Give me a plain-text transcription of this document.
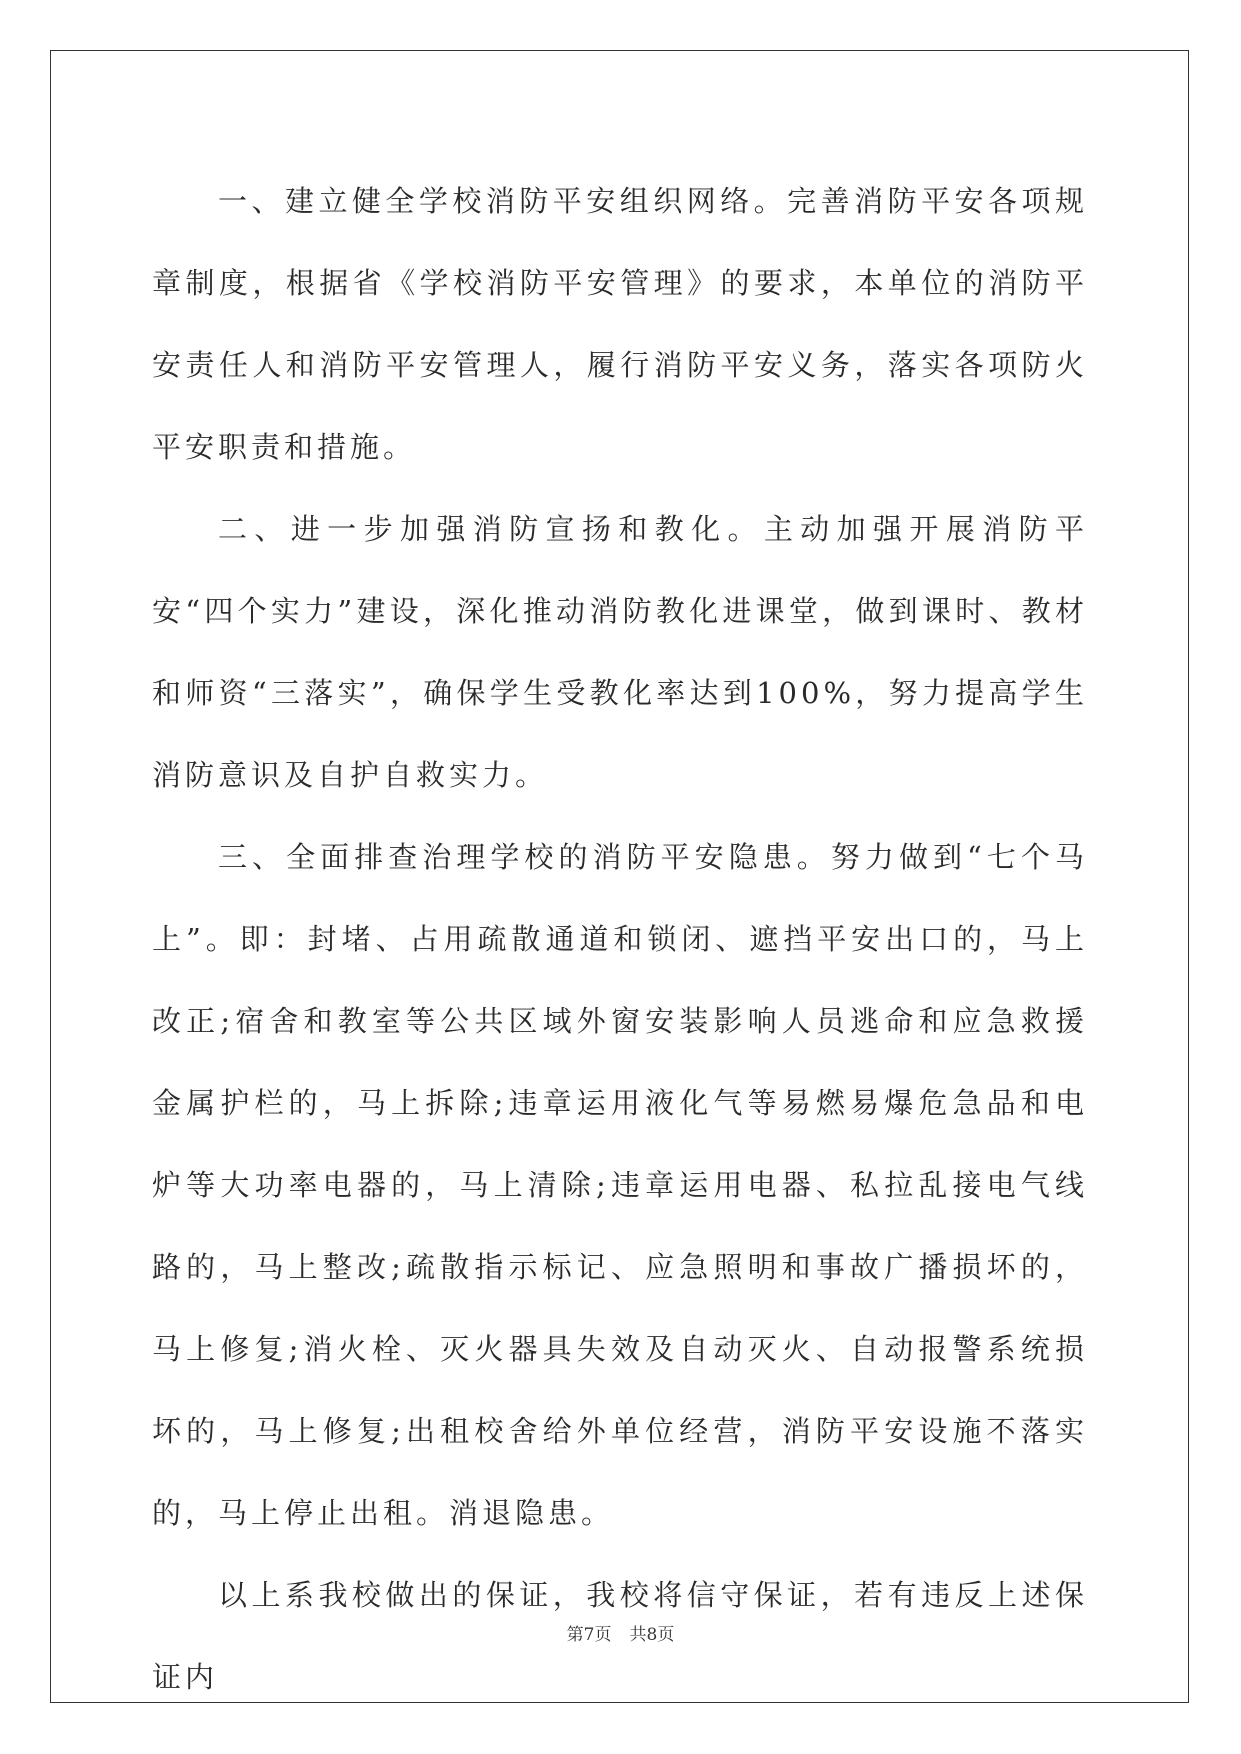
一、建立健全学校消防平安组织网络。完善消防平安各项规章制度，根据省《学校消防平安管理》的要求，本单位的消防平安责任人和消防平安管理人，履行消防平安义务，落实各项防火平安职责和措施。

二、进一步加强消防宣扬和教化。主动加强开展消防平安“四个实力”建设，深化推动消防教化进课堂，做到课时、教材和师资“三落实”，确保学生受教化率达到100%，努力提高学生消防意识及自护自救实力。

三、全面排查治理学校的消防平安隐患。努力做到“七个马上”。即：封堵、占用疏散通道和锁闭、遮挡平安出口的，马上改正;宿舍和教室等公共区域外窗安装影响人员逃命和应急救援金属护栏的，马上拆除;违章运用液化气等易燃易爆危急品和电炉等大功率电器的，马上清除;违章运用电器、私拉乱接电气线路的，马上整改;疏散指示标记、应急照明和事故广播损坏的，马上修复;消火栓、灭火器具失效及自动灭火、自动报警系统损坏的，马上修复;出租校舍给外单位经营，消防平安设施不落实的，马上停止出租。消退隐患。

以上系我校做出的保证，我校将信守保证，若有违反上述保证内

第7页 共8页
